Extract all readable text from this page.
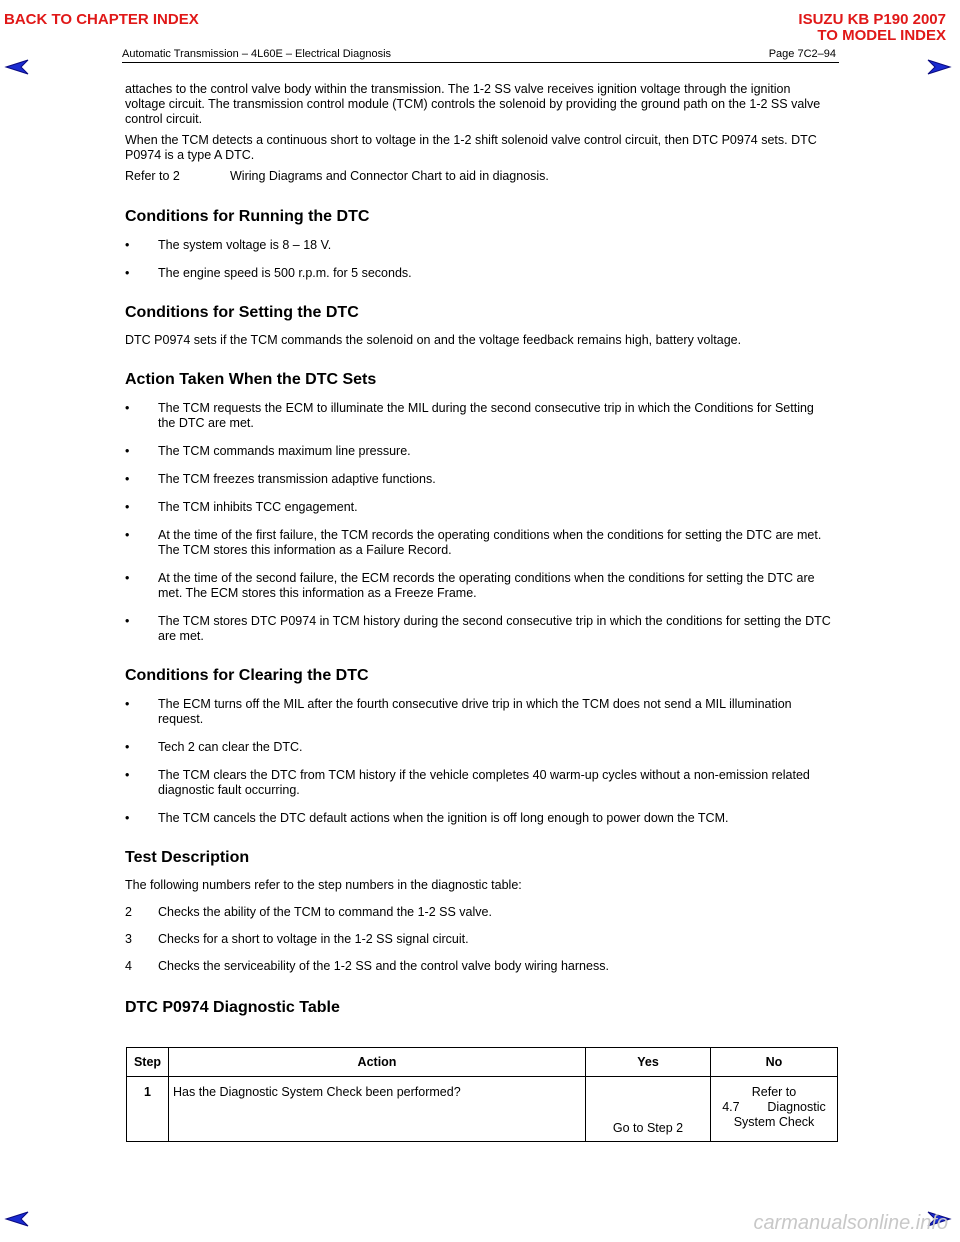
BACK TO CHAPTER INDEX	ISUZU KB P190 2007
TO MODEL INDEX
Automatic Transmission – 4L60E – Electrical Diagnosis	Page 7C2–94

attaches to the control valve body within the transmission. The 1-2 SS valve receives ignition voltage through the ignition voltage circuit. The transmission control module (TCM) controls the solenoid by providing the ground path on the 1-2 SS valve control circuit.

When the TCM detects a continuous short to voltage in the 1-2 shift solenoid valve control circuit, then DTC P0974 sets. DTC P0974 is a type A DTC.

Refer to 2	Wiring Diagrams and Connector Chart to aid in diagnosis.

Conditions for Running the DTC
• The system voltage is 8 – 18 V.
• The engine speed is 500 r.p.m. for 5 seconds.
Conditions for Setting the DTC

DTC P0974 sets if the TCM commands the solenoid on and the voltage feedback remains high, battery voltage.

Action Taken When the DTC Sets
• The TCM requests the ECM to illuminate the MIL during the second consecutive trip in which the Conditions for Setting the DTC are met.
• The TCM commands maximum line pressure.
• The TCM freezes transmission adaptive functions.
• The TCM inhibits TCC engagement.
• At the time of the first failure, the TCM records the operating conditions when the conditions for setting the DTC are met. The TCM stores this information as a Failure Record.
• At the time of the second failure, the ECM records the operating conditions when the conditions for setting the DTC are met. The ECM stores this information as a Freeze Frame.
• The TCM stores DTC P0974 in TCM history during the second consecutive trip in which the conditions for setting the DTC are met.
Conditions for Clearing the DTC
• The ECM turns off the MIL after the fourth consecutive drive trip in which the TCM does not send a MIL illumination request.
• Tech 2 can clear the DTC.
• The TCM clears the DTC from TCM history if the vehicle completes 40 warm-up cycles without a non-emission related diagnostic fault occurring.
• The TCM cancels the DTC default actions when the ignition is off long enough to power down the TCM.
Test Description

The following numbers refer to the step numbers in the diagnostic table:

2 Checks the ability of the TCM to command the 1-2 SS valve.
3 Checks for a short to voltage in the 1-2 SS signal circuit.
4 Checks the serviceability of the 1-2 SS and the control valve body wiring harness.
DTC P0974 Diagnostic Table
Step	Action	Yes	No
1	Has the Diagnostic System Check been performed?	Go to Step 2	Refer to
4.7        Diagnostic
System Check
carmanualsonline.info
